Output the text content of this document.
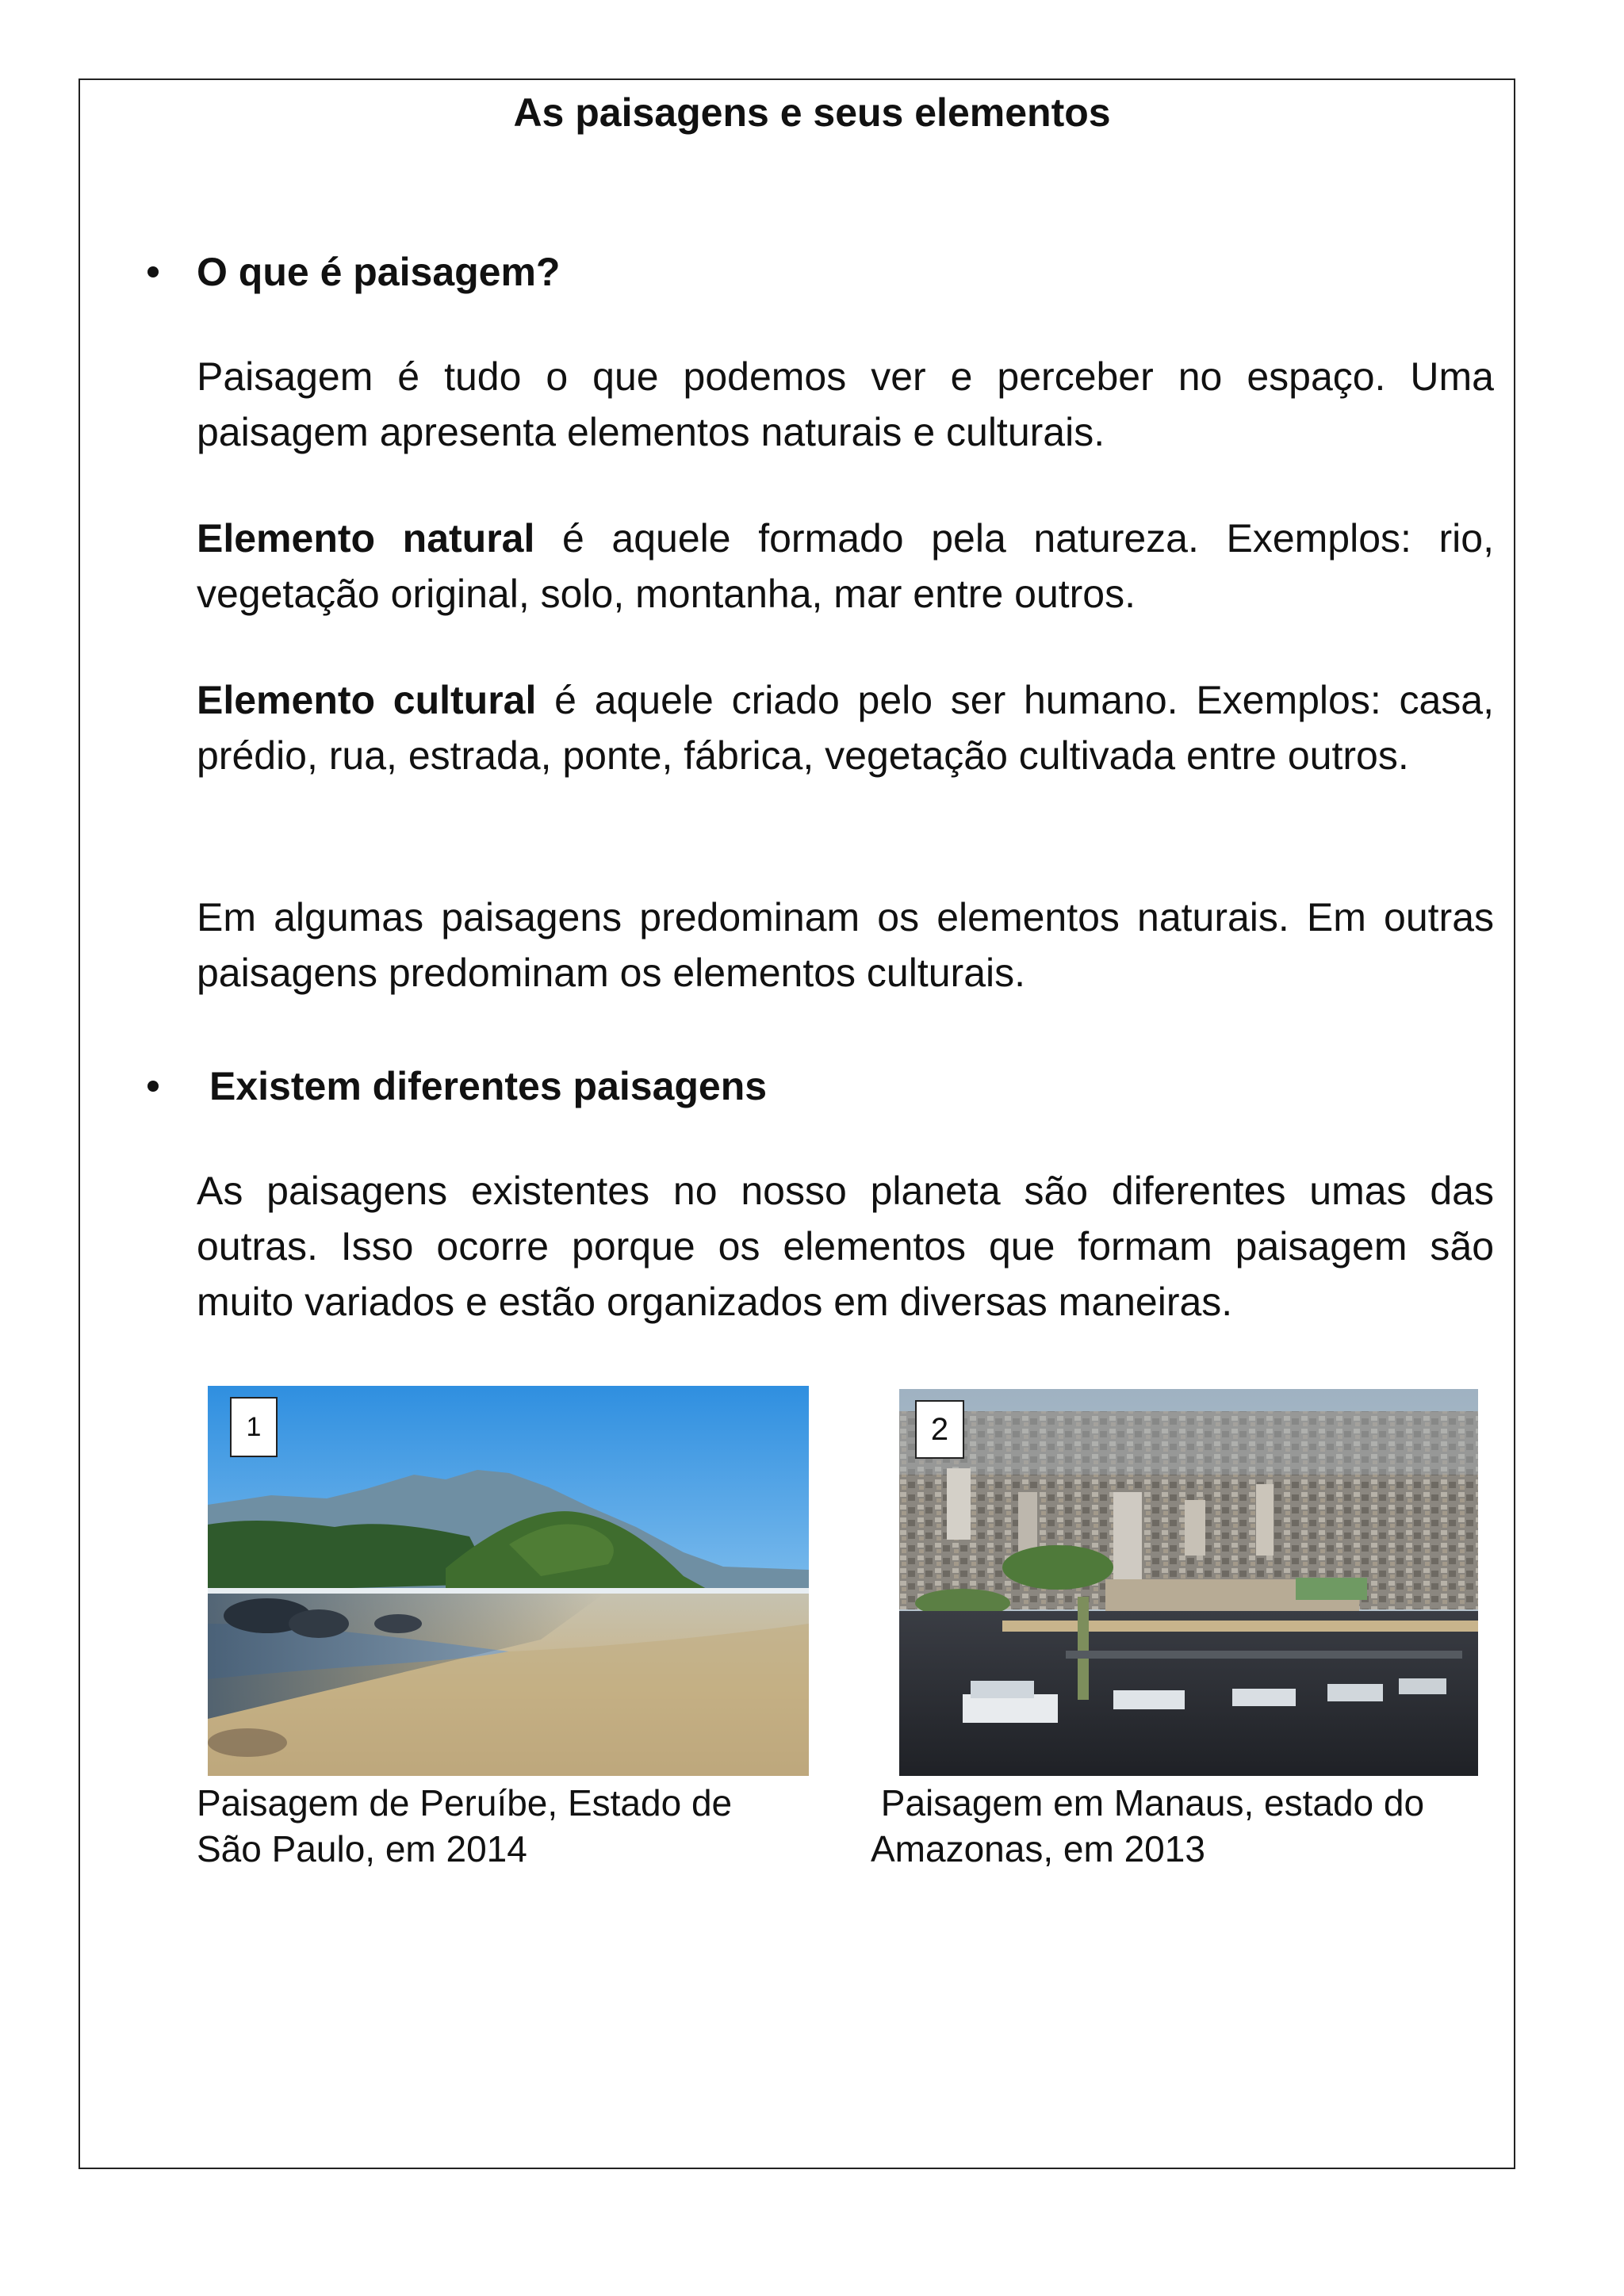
As paisagens e seus elementos
O que é paisagem?

Paisagem é tudo o que podemos ver e perceber no espaço. Uma paisagem apresenta elementos naturais e culturais.

Elemento natural é aquele formado pela natureza. Exemplos: rio, vegetação original, solo, montanha, mar entre outros.

Elemento cultural é aquele criado pelo ser humano. Exemplos: casa, prédio, rua, estrada, ponte, fábrica, vegetação cultivada entre outros.

Em algumas paisagens predominam os elementos naturais. Em outras paisagens predominam os elementos culturais.

Existem diferentes paisagens

As paisagens existentes no nosso planeta são diferentes umas das outras. Isso ocorre porque os elementos que formam paisagem são muito variados e estão organizados em diversas maneiras.

1

Paisagem de Peruíbe, Estado de
São Paulo, em 2014

2

Paisagem em Manaus, estado do
Amazonas, em 2013
